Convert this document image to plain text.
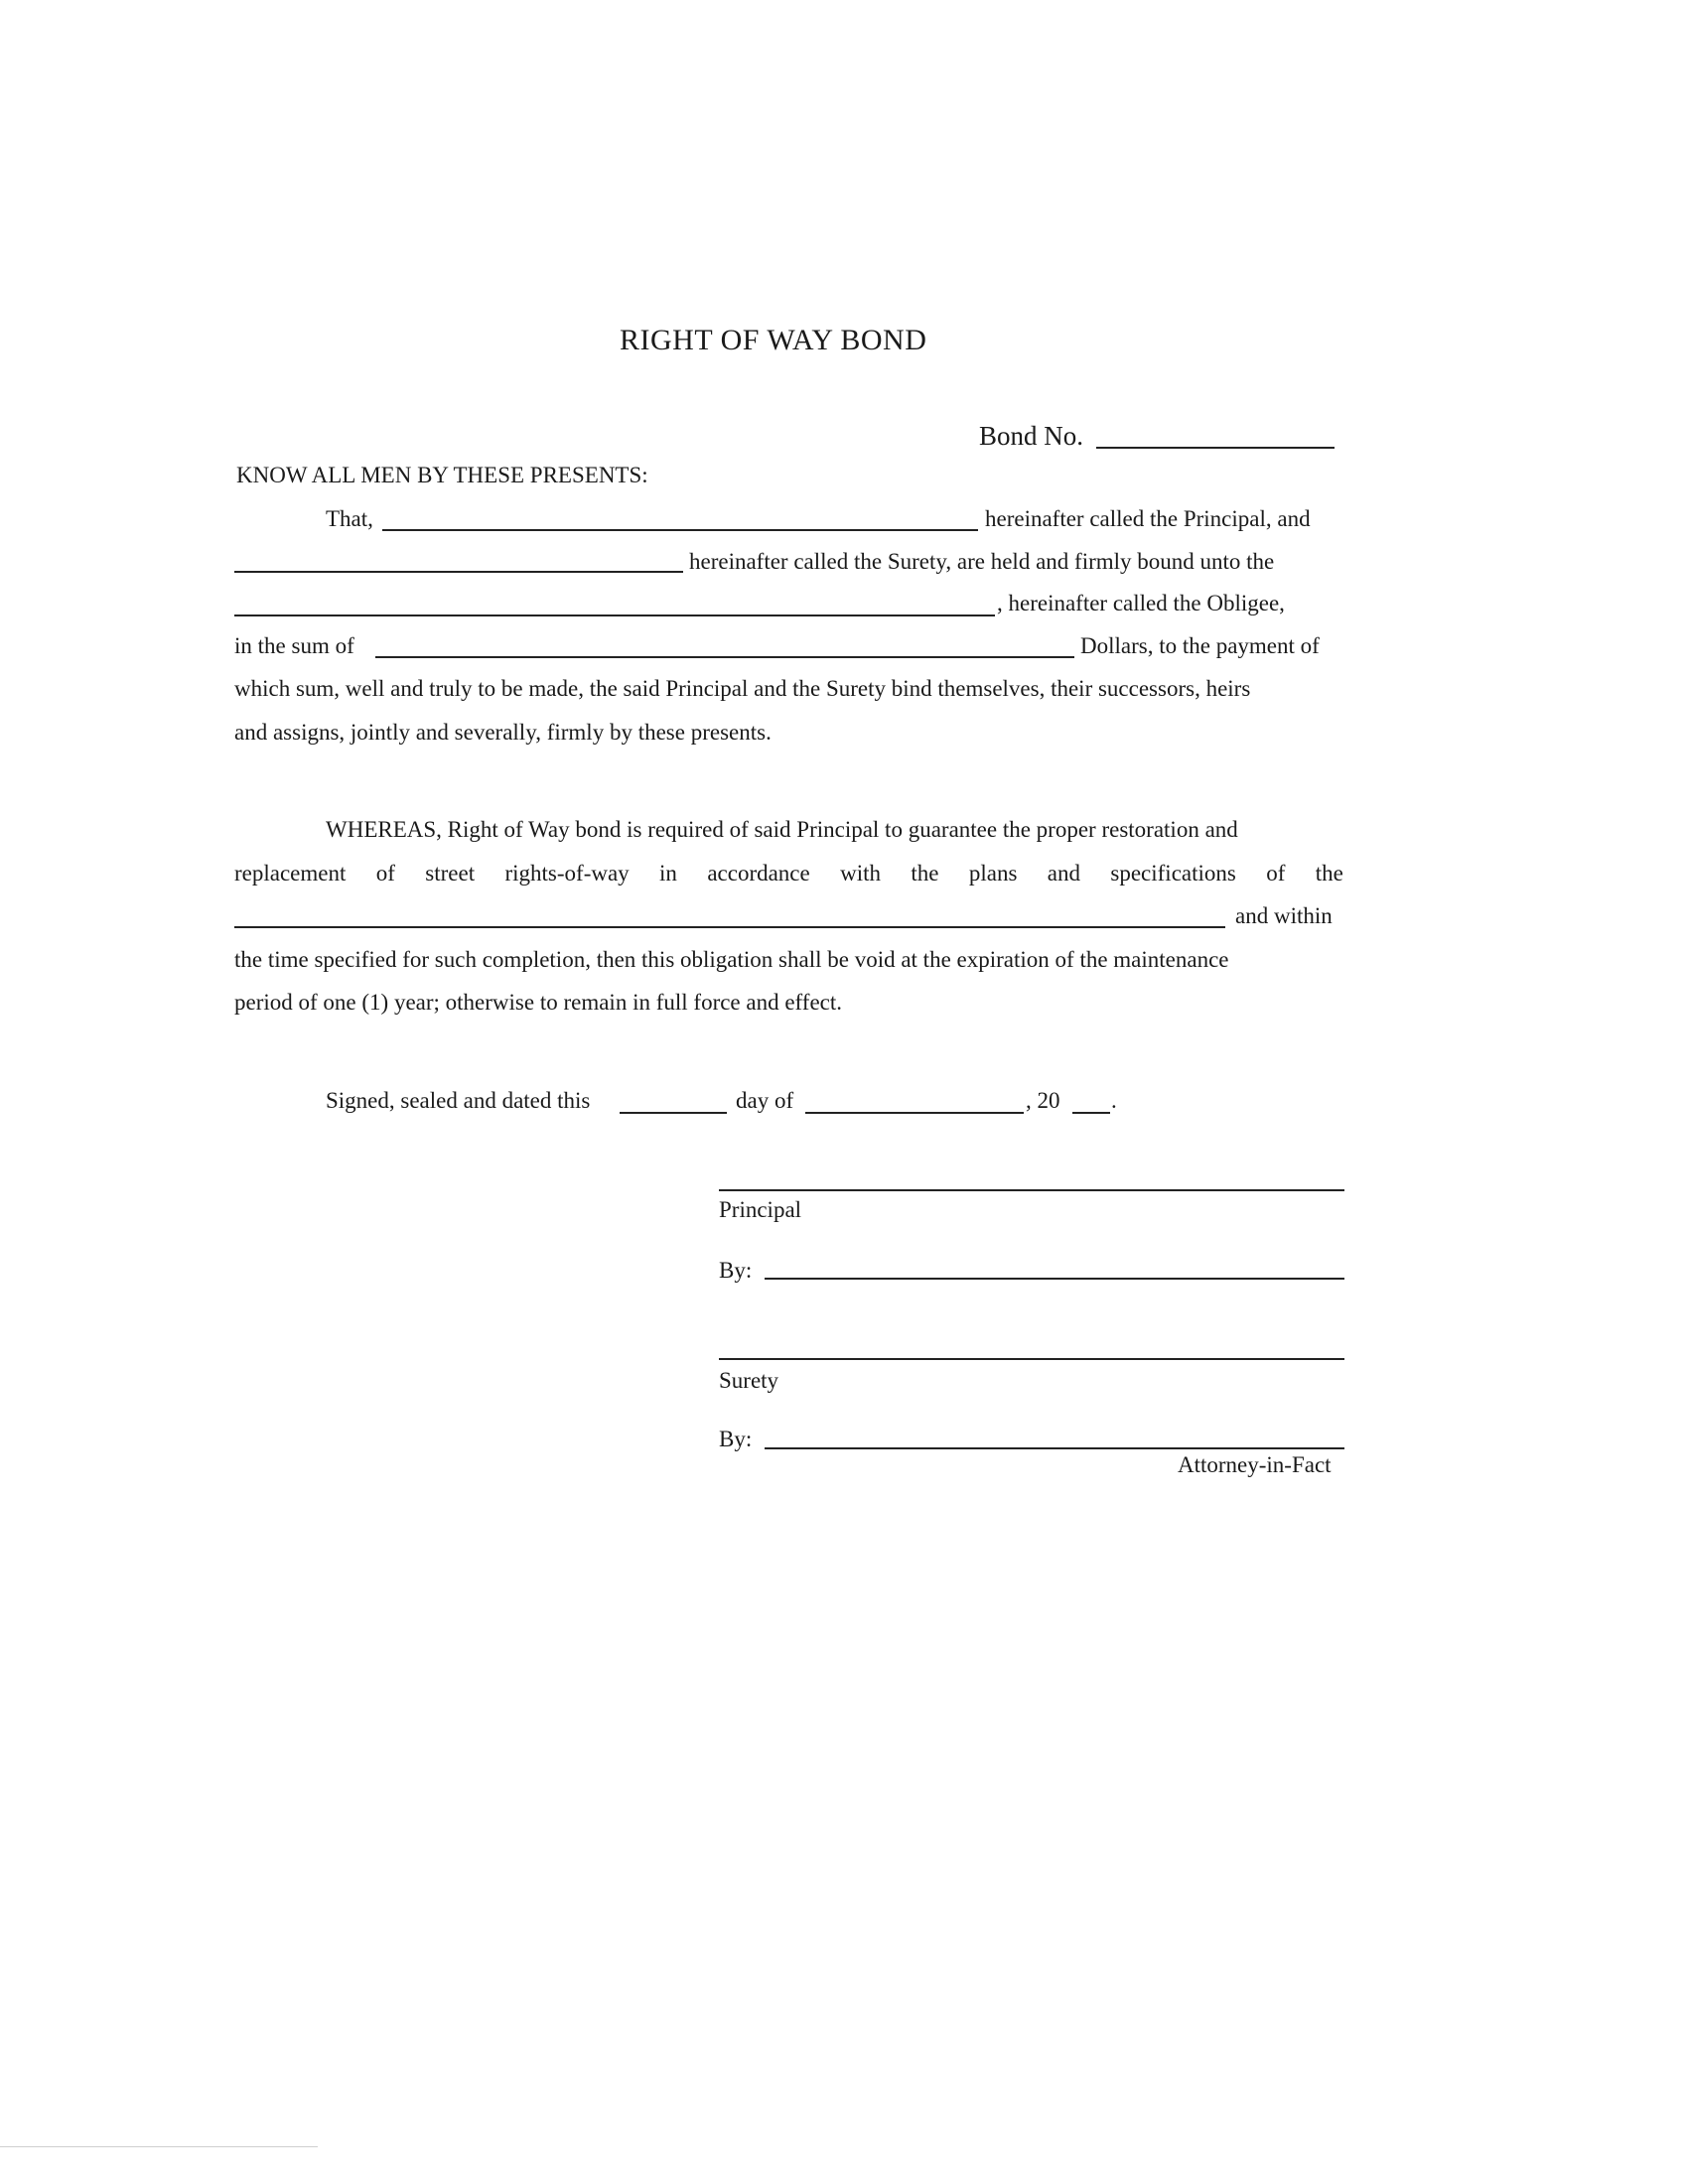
RIGHT OF WAY BOND
Bond No.
KNOW ALL MEN BY THESE PRESENTS:
That,	hereinafter called the Principal, and
hereinafter called the Surety, are held and firmly bound unto the
, hereinafter called the Obligee,
in the sum of	Dollars, to the payment of
which sum, well and truly to be made, the said Principal and the Surety bind themselves, their successors, heirs
and assigns, jointly and severally, firmly by these presents.
WHEREAS, Right of Way bond is required of said Principal to guarantee the proper restoration and
replacement of street rights-of-way in accordance with the plans and specifications of the
and within
the time specified for such completion, then this obligation shall be void at the expiration of the maintenance
period of one (1) year; otherwise to remain in full force and effect.
Signed, sealed and dated this	day of	, 20 .
Principal
By:
Surety
By:
Attorney-in-Fact
